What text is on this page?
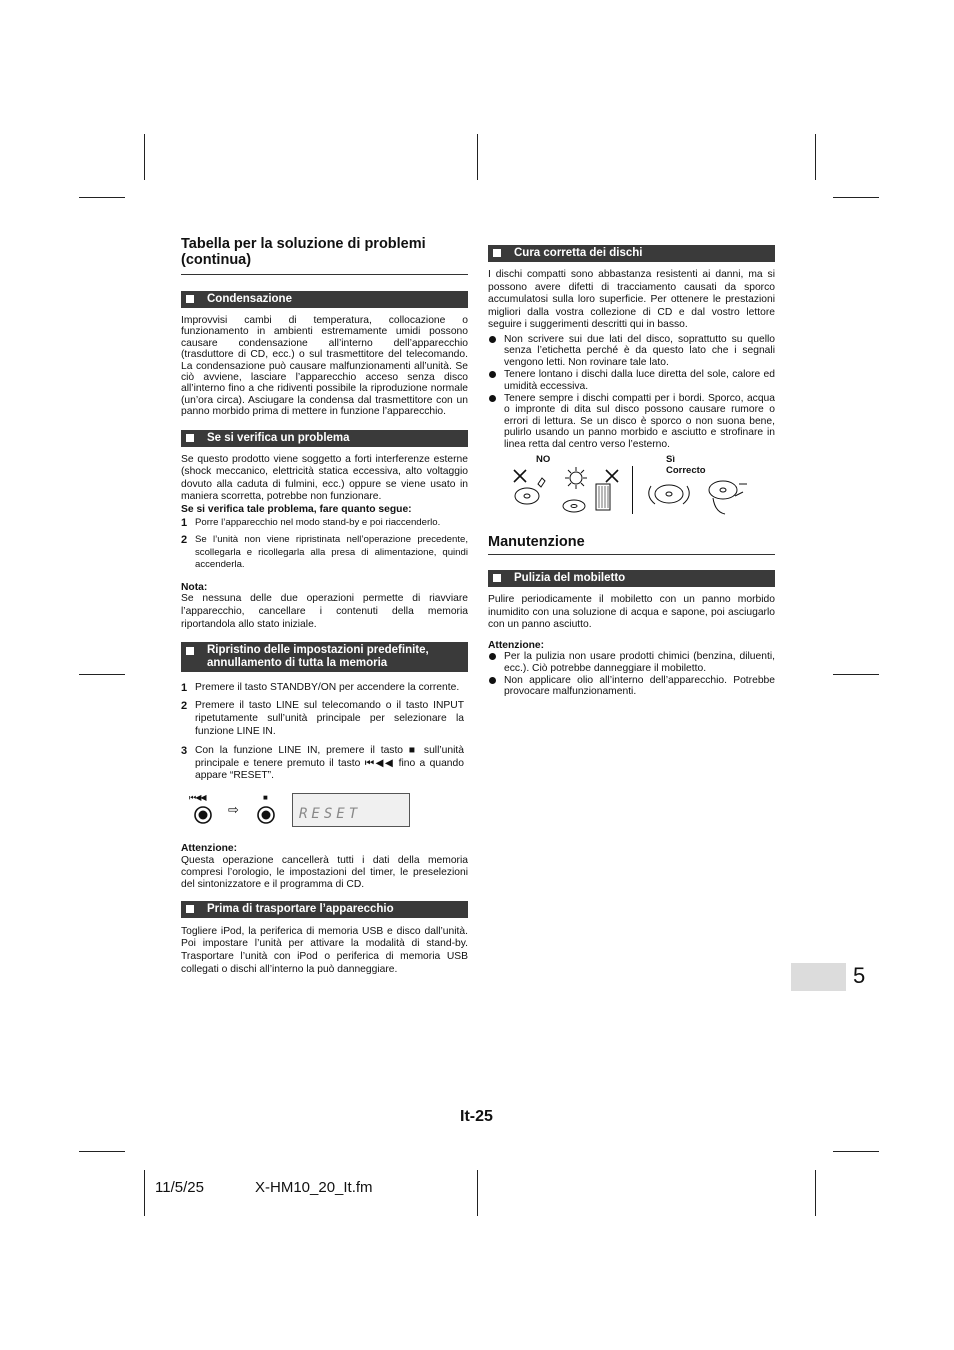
Tabella per la soluzione di problemi (continua)
Condensazione

Improvvisi cambi di temperatura, collocazione o funzionamento in ambienti estremamente umidi possono causare condensazione all’interno dell’apparecchio (trasduttore di CD, ecc.) o sul trasmettitore del telecomando. La condensazione può causare malfunzionamenti all’unità. Se ciò avviene, lasciare l’apparecchio acceso senza disco all’interno fino a che ridiventi possibile la riproduzione normale (un’ora circa). Asciugare la condensa dal trasmettitore con un panno morbido prima di mettere in funzione l’apparecchio.

Se si verifica un problema

Se questo prodotto viene soggetto a forti interferenze esterne (shock meccanico, elettricità statica eccessiva, alto voltaggio dovuto alla caduta di fulmini, ecc.) oppure se viene usato in maniera scorretta, potrebbe non funzionare.

Se si verifica tale problema, fare quanto segue:

1 Porre l’apparecchio nel modo stand-by e poi riaccenderlo.
2 Se l’unità non viene ripristinata nell’operazione precedente, scollegarla e ricollegarla alla presa di alimentazione, quindi accenderla.

Nota:

Se nessuna delle due operazioni permette di riavviare l’apparecchio, cancellare i contenuti della memoria riportandola allo stato iniziale.

Ripristino delle impostazioni predefinite, annullamento di tutta la memoria
1 Premere il tasto STANDBY/ON per accendere la corrente.
2 Premere il tasto LINE sul telecomando o il tasto INPUT ripetutamente sull’unità principale per selezionare la funzione LINE IN.
3 Con la funzione LINE IN, premere il tasto ■ sull’unità principale e tenere premuto il tasto ⏮◀◀ fino a quando appare “RESET”.
⏮◀◀
⇨
■
RESET

Attenzione:

Questa operazione cancellerà tutti i dati della memoria compresi l’orologio, le impostazioni del timer, le preselezioni del sintonizzatore e il programma di CD.

Prima di trasportare l’apparecchio

Togliere iPod, la periferica di memoria USB e disco dall’unità. Poi impostare l’unità per attivare la modalità di stand-by. Trasportare l’unità con iPod o periferica di memoria USB collegati o dischi all’interno la può danneggiare.

Cura corretta dei dischi

I dischi compatti sono abbastanza resistenti ai danni, ma si possono avere difetti di tracciamento causati da sporco accumulatosi sulla loro superficie. Per ottenere le prestazioni migliori dalla vostra collezione di CD e dal vostro lettore seguire i suggerimenti descritti qui in basso.

Non scrivere sui due lati del disco, soprattutto su quello senza l’etichetta perché è da questo lato che i segnali vengono letti. Non rovinare tale lato.
Tenere lontano i dischi dalla luce diretta del sole, calore ed umidità eccessiva.
Tenere sempre i dischi compatti per i bordi. Sporco, acqua o impronte di dita sul disco possono causare rumore o errori di lettura. Se un disco è sporco o non suona bene, pulirlo usando un panno morbido e asciutto e strofinare in linea retta dal centro verso l’esterno.
NO	Sì
Correcto
Manutenzione
Pulizia del mobiletto

Pulire periodicamente il mobiletto con un panno morbido inumidito con una soluzione di acqua e sapone, poi asciugarlo con un panno asciutto.

Attenzione:

Per la pulizia non usare prodotti chimici (benzina, diluenti, ecc.). Ciò potrebbe danneggiare il mobiletto.
Non applicare olio all’interno dell’apparecchio. Potrebbe provocare malfunzionamenti.
5
It-25
11/5/25	X-HM10_20_It.fm
